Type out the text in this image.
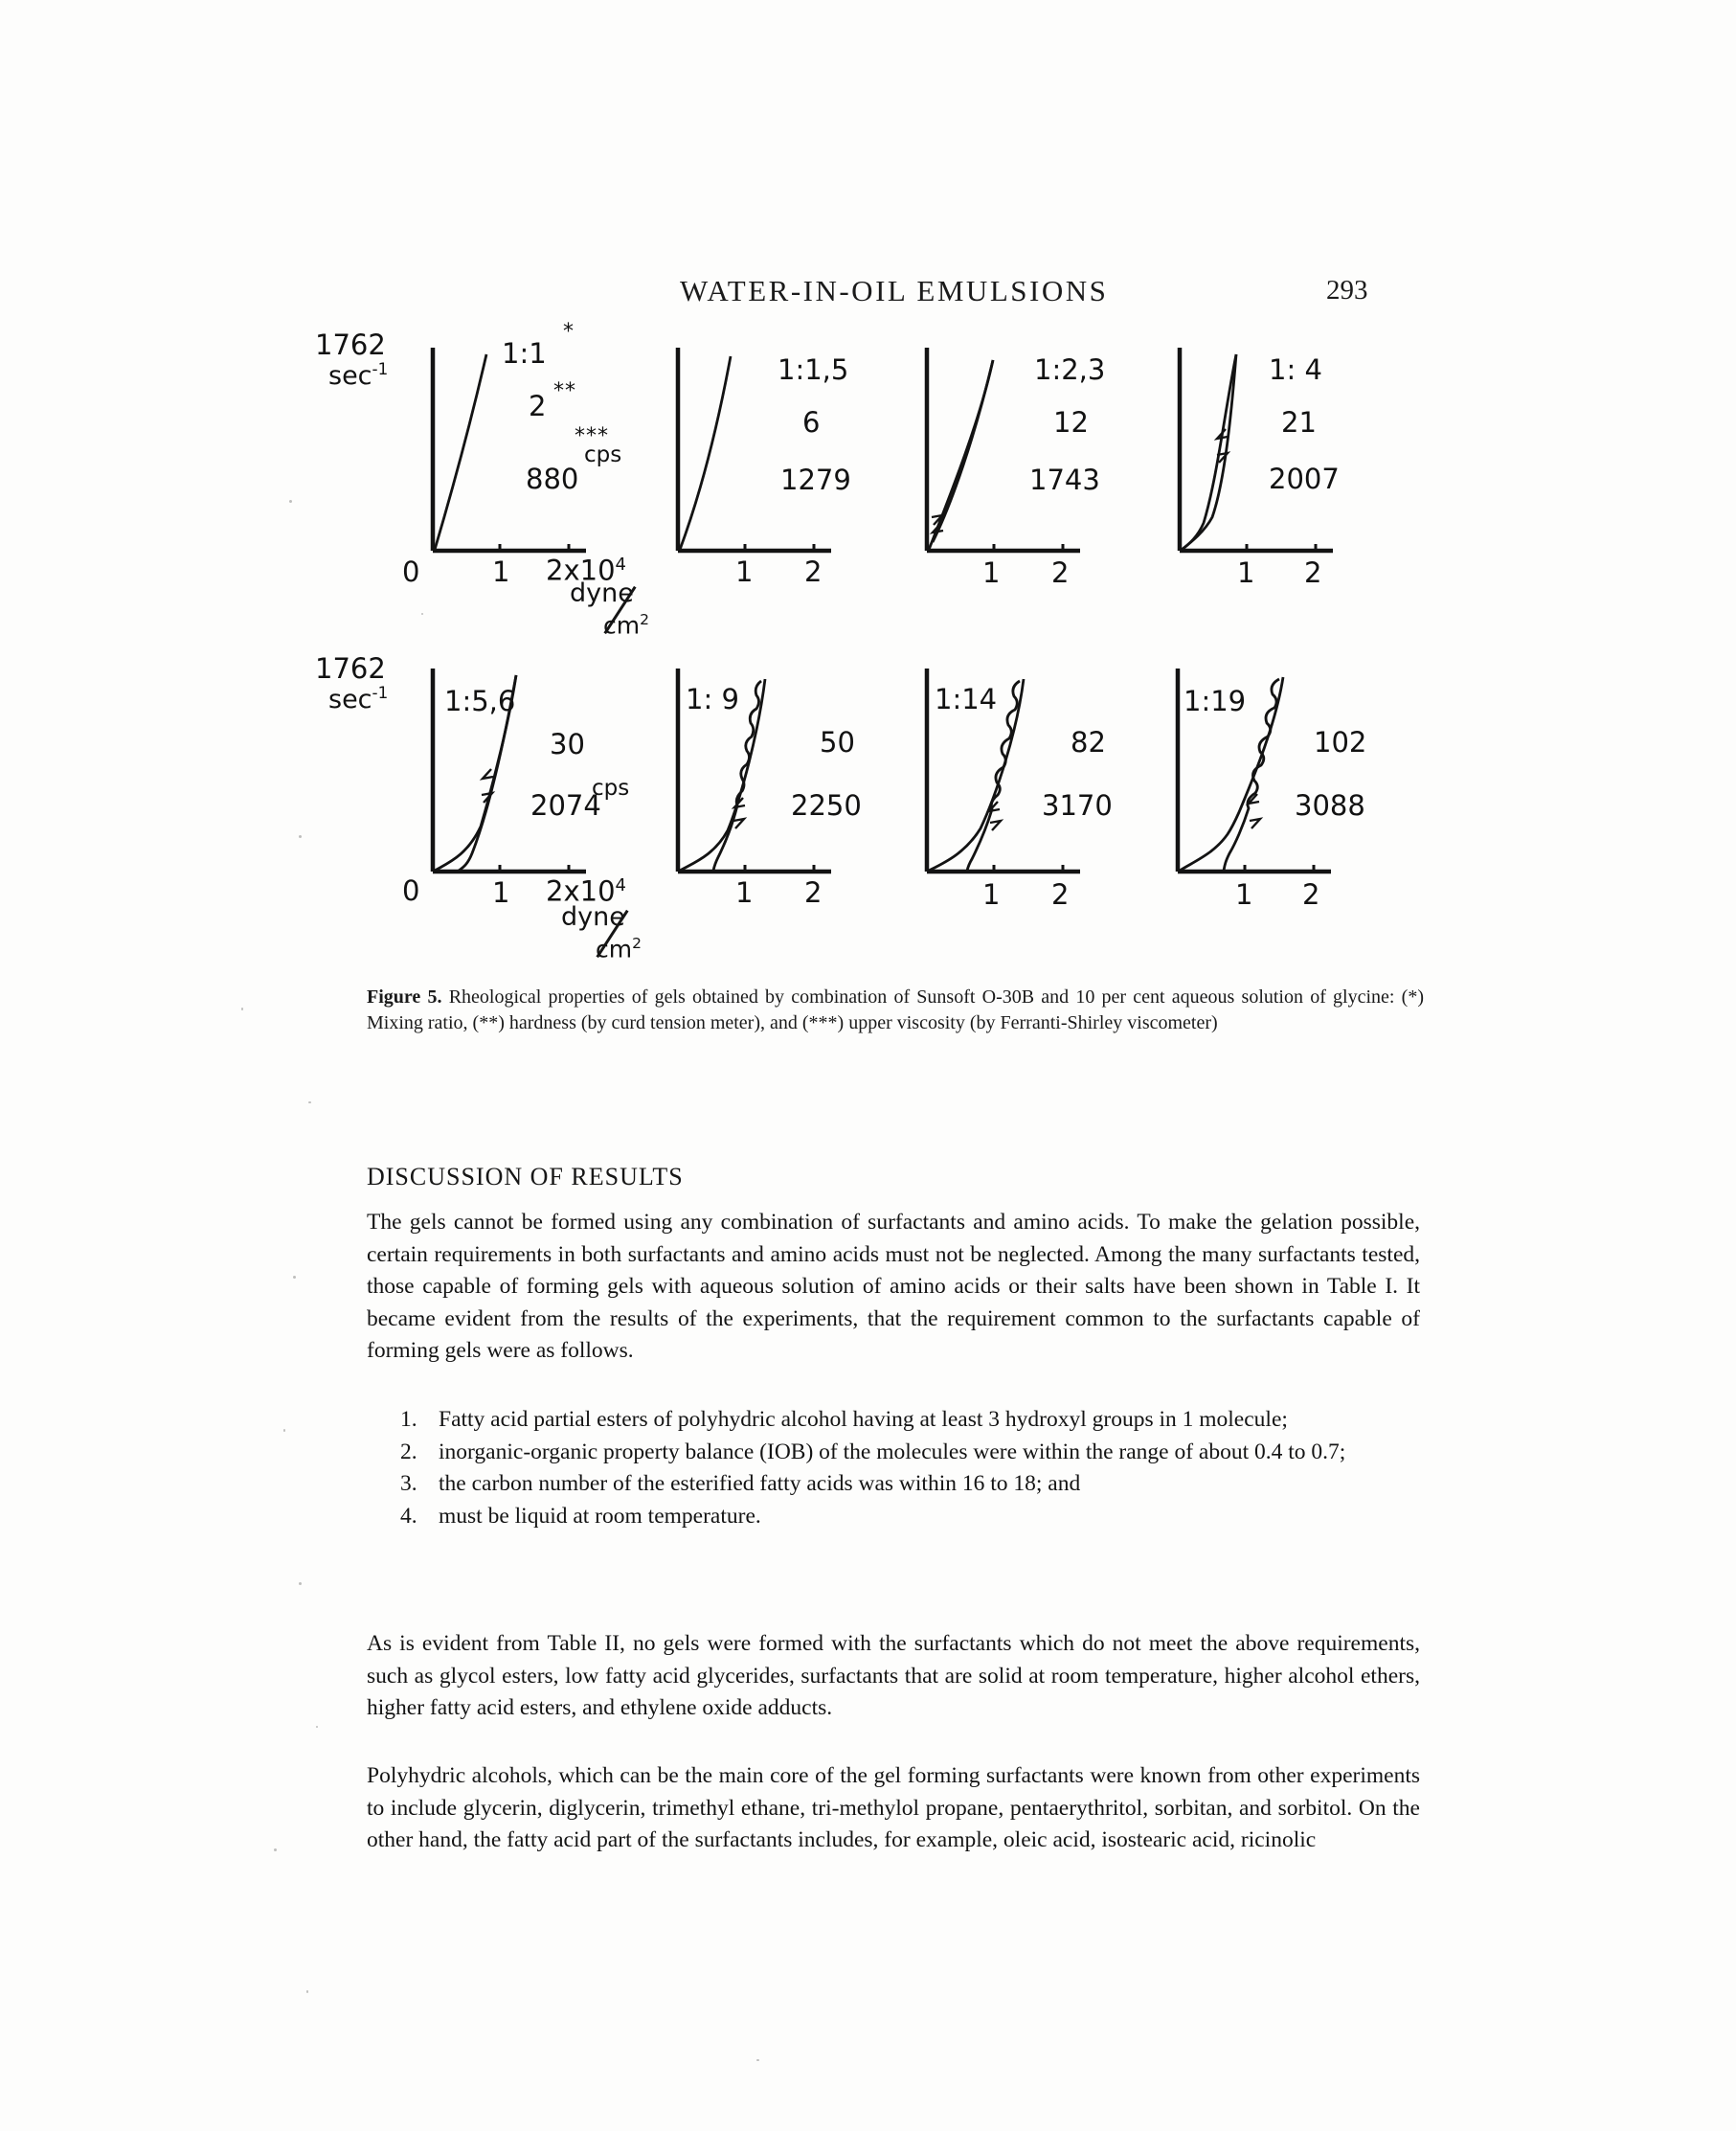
WATER-IN-OIL EMULSIONS	293
1762
$\sec^{-1}$	1:1
*
2 **
***
cps
880
1:1,5
6
1279
1:2,3
12
1743
1: 4
21
2007
0	1 $2x10^4$
dyne
$cm^2$
1 2	1 2	1 2
1762
$\sec^{-1}$ 1:5,6
30
2074
cps
1: 9
50
2250
1:14
82
3170
1:19
102
3088
0	1 $2x10^4$
dyne
$cm^2$
1 2	1 2	1 2

Figure 5. Rheological properties of gels obtained by combination of Sunsoft O-30B and 10 per cent aqueous solution of glycine: (*) Mixing ratio, (**) hardness (by curd tension meter), and (***) upper viscosity (by Ferranti-Shirley viscometer)

DISCUSSION OF RESULTS

The gels cannot be formed using any combination of surfactants and amino acids. To make the gelation possible, certain requirements in both surfactants and amino acids must not be neglected. Among the many surfactants tested, those capable of forming gels with aqueous solution of amino acids or their salts have been shown in Table I. It became evident from the results of the experiments, that the requirement common to the surfactants capable of forming gels were as follows.

1. Fatty acid partial esters of polyhydric alcohol having at least 3 hydroxyl groups in 1 molecule;
2. inorganic-organic property balance (IOB) of the molecules were within the range of about 0.4 to 0.7;
3. the carbon number of the esterified fatty acids was within 16 to 18; and
4. must be liquid at room temperature.

As is evident from Table II, no gels were formed with the surfactants which do not meet the above requirements, such as glycol esters, low fatty acid glycerides, surfactants that are solid at room temperature, higher alcohol ethers, higher fatty acid esters, and ethylene oxide adducts.

Polyhydric alcohols, which can be the main core of the gel forming surfactants were known from other experiments to include glycerin, diglycerin, trimethyl ethane, tri-methylol propane, pentaerythritol, sorbitan, and sorbitol. On the other hand, the fatty acid part of the surfactants includes, for example, oleic acid, isostearic acid, ricinolic
